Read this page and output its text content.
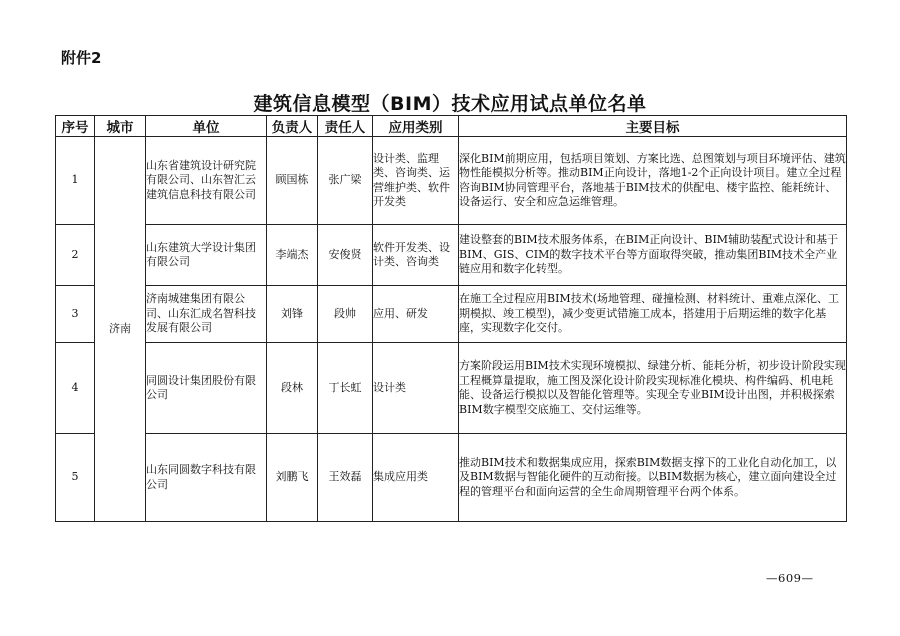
附件2
建筑信息模型（BIM）技术应用试点单位名单
序号	城市	单位	负责人	责任人	应用类别	主要目标
1	济南	山东省建筑设计研究院有限公司、山东智汇云建筑信息科技有限公司	顾国栋	张广梁	设计类、监理类、咨询类、运营维护类、软件开发类	深化BIM前期应用，包括项目策划、方案比选、总图策划与项目环境评估、建筑物性能模拟分析等。推动BIM正向设计，落地1-2个正向设计项目。建立全过程咨询BIM协同管理平台，落地基于BIM技术的供配电、楼宇监控、能耗统计、设备运行、安全和应急运维管理。
2		山东建筑大学设计集团有限公司	李端杰	安俊贤	软件开发类、设计类、咨询类	建设整套的BIM技术服务体系，在BIM正向设计、BIM辅助装配式设计和基于BIM、GIS、CIM的数字技术平台等方面取得突破，推动集团BIM技术全产业链应用和数字化转型。
3		济南城建集团有限公司、山东汇成名智科技发展有限公司	刘锋	段帅	应用、研发	在施工全过程应用BIM技术(场地管理、碰撞检测、材料统计、重难点深化、工期模拟、竣工模型)，减少变更试错施工成本，搭建用于后期运维的数字化基座，实现数字化交付。
4		同圆设计集团股份有限公司	段林	丁长虹	设计类	方案阶段运用BIM技术实现环境模拟、绿建分析、能耗分析，初步设计阶段实现工程概算量提取，施工图及深化设计阶段实现标准化模块、构件编码、机电耗能、设备运行模拟以及智能化管理等。实现全专业BIM设计出图，并积极探索BIM数字模型交底施工、交付运维等。
5		山东同圆数字科技有限公司	刘鹏飞	王效磊	集成应用类	推动BIM技术和数据集成应用，探索BIM数据支撑下的工业化自动化加工，以及BIM数据与智能化硬件的互动衔接。以BIM数据为核心，建立面向建设全过程的管理平台和面向运营的全生命周期管理平台两个体系。
—609—
